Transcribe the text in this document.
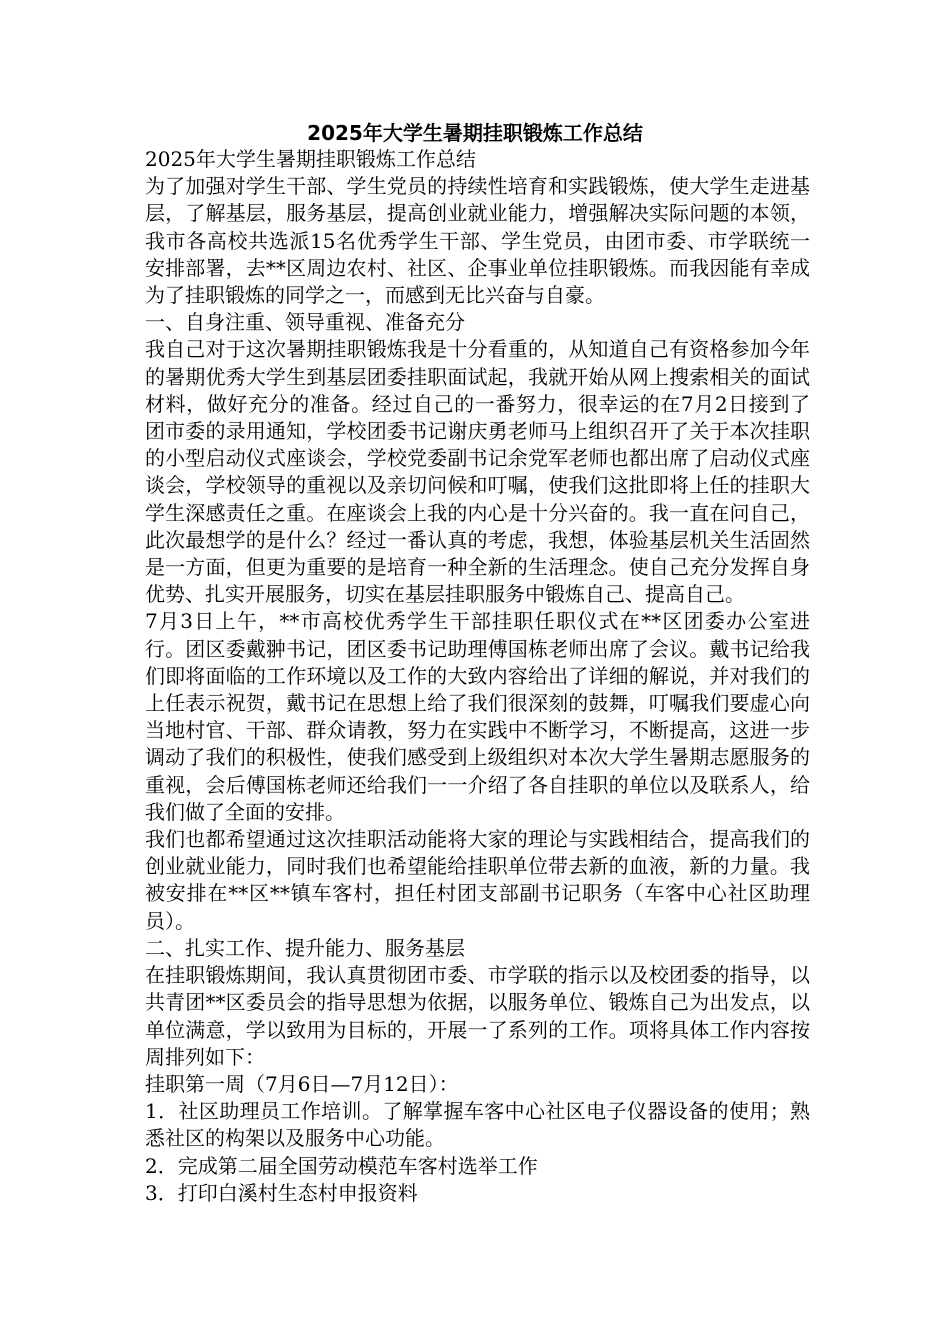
2025年大学生暑期挂职锻炼工作总结

2025年大学生暑期挂职锻炼工作总结

为了加强对学生干部、学生党员的持续性培育和实践锻炼，使大学生走进基层，了解基层，服务基层，提高创业就业能力，增强解决实际问题的本领，我市各高校共选派15名优秀学生干部、学生党员，由团市委、市学联统一安排部署，去**区周边农村、社区、企事业单位挂职锻炼。而我因能有幸成为了挂职锻炼的同学之一，而感到无比兴奋与自豪。

一、自身注重、领导重视、准备充分

我自己对于这次暑期挂职锻炼我是十分看重的，从知道自己有资格参加今年的暑期优秀大学生到基层团委挂职面试起，我就开始从网上搜索相关的面试材料，做好充分的准备。经过自己的一番努力，很幸运的在7月2日接到了团市委的录用通知，学校团委书记谢庆勇老师马上组织召开了关于本次挂职的小型启动仪式座谈会，学校党委副书记余党军老师也都出席了启动仪式座谈会，学校领导的重视以及亲切问候和叮嘱，使我们这批即将上任的挂职大学生深感责任之重。在座谈会上我的内心是十分兴奋的。我一直在问自己，此次最想学的是什么？经过一番认真的考虑，我想，体验基层机关生活固然是一方面，但更为重要的是培育一种全新的生活理念。使自己充分发挥自身优势、扎实开展服务，切实在基层挂职服务中锻炼自己、提高自己。

7月3日上午，**市高校优秀学生干部挂职任职仪式在**区团委办公室进行。团区委戴翀书记，团区委书记助理傅国栋老师出席了会议。戴书记给我们即将面临的工作环境以及工作的大致内容给出了详细的解说，并对我们的上任表示祝贺，戴书记在思想上给了我们很深刻的鼓舞，叮嘱我们要虚心向当地村官、干部、群众请教，努力在实践中不断学习，不断提高，这进一步调动了我们的积极性，使我们感受到上级组织对本次大学生暑期志愿服务的重视，会后傅国栋老师还给我们一一介绍了各自挂职的单位以及联系人，给我们做了全面的安排。

我们也都希望通过这次挂职活动能将大家的理论与实践相结合，提高我们的创业就业能力，同时我们也希望能给挂职单位带去新的血液，新的力量。我被安排在**区**镇车客村，担任村团支部副书记职务（车客中心社区助理员）。

二、扎实工作、提升能力、服务基层

在挂职锻炼期间，我认真贯彻团市委、市学联的指示以及校团委的指导，以共青团**区委员会的指导思想为依据，以服务单位、锻炼自己为出发点，以单位满意，学以致用为目标的，开展一了系列的工作。项将具体工作内容按周排列如下：

挂职第一周（7月6日—7月12日）：

1．社区助理员工作培训。了解掌握车客中心社区电子仪器设备的使用；熟悉社区的构架以及服务中心功能。

2．完成第二届全国劳动模范车客村选举工作

3．打印白溪村生态村申报资料
